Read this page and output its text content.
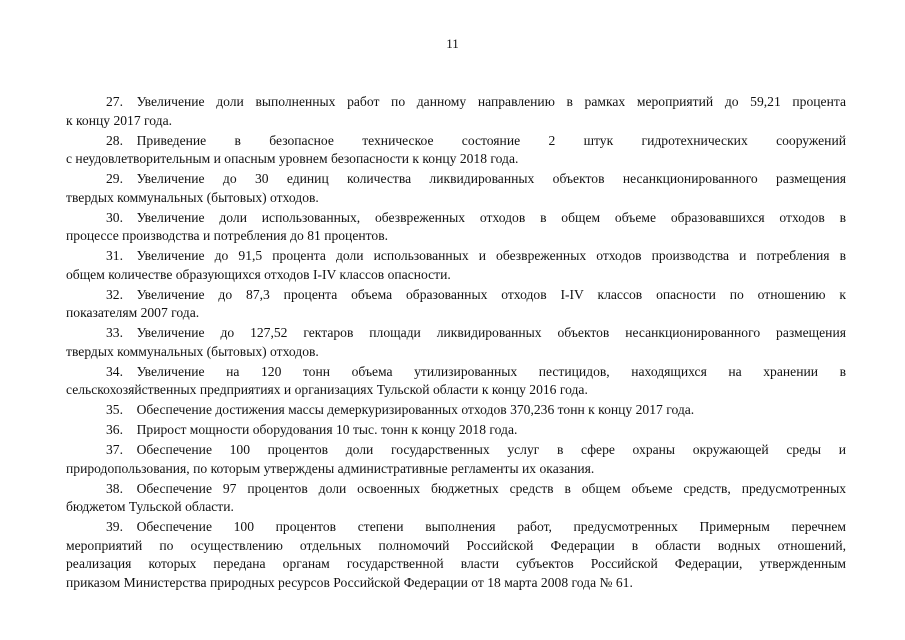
11
27.  Увеличение доли выполненных работ по данному направлению в рамках мероприятий до 59,21 процента
к концу 2017 года.
28.  Приведение в безопасное техническое состояние 2 штук гидротехнических сооружений
с неудовлетворительным и опасным уровнем безопасности к концу 2018 года.
29.  Увеличение до 30 единиц количества ликвидированных объектов несанкционированного размещения
твердых коммунальных (бытовых) отходов.
30.  Увеличение доли использованных, обезвреженных отходов в общем объеме образовавшихся отходов в
процессе производства и потребления до 81 процентов.
31.  Увеличение до 91,5 процента доли использованных и обезвреженных отходов производства и потребления в
общем количестве образующихся отходов I-IV классов опасности.
32.  Увеличение до 87,3 процента объема образованных отходов I-IV классов опасности по отношению к
показателям 2007 года.
33.  Увеличение до 127,52 гектаров площади ликвидированных объектов несанкционированного размещения
твердых коммунальных (бытовых) отходов.
34.  Увеличение на 120 тонн объема утилизированных пестицидов, находящихся на хранении в
сельскохозяйственных предприятиях и организациях Тульской области к концу 2016 года.
35.  Обеспечение достижения массы демеркуризированных отходов 370,236 тонн к концу 2017 года.
36.  Прирост мощности оборудования 10 тыс. тонн к концу 2018 года.
37.  Обеспечение 100 процентов доли государственных услуг в сфере охраны окружающей среды и
природопользования, по которым утверждены административные регламенты их оказания.
38.  Обеспечение 97 процентов доли освоенных бюджетных средств в общем объеме средств, предусмотренных
бюджетом Тульской области.
39.  Обеспечение 100 процентов степени выполнения работ, предусмотренных Примерным перечнем
мероприятий по осуществлению отдельных полномочий Российской Федерации в области водных отношений,
реализация которых передана органам государственной власти субъектов Российской Федерации, утвержденным
приказом Министерства природных ресурсов Российской Федерации от 18 марта 2008 года № 61.
